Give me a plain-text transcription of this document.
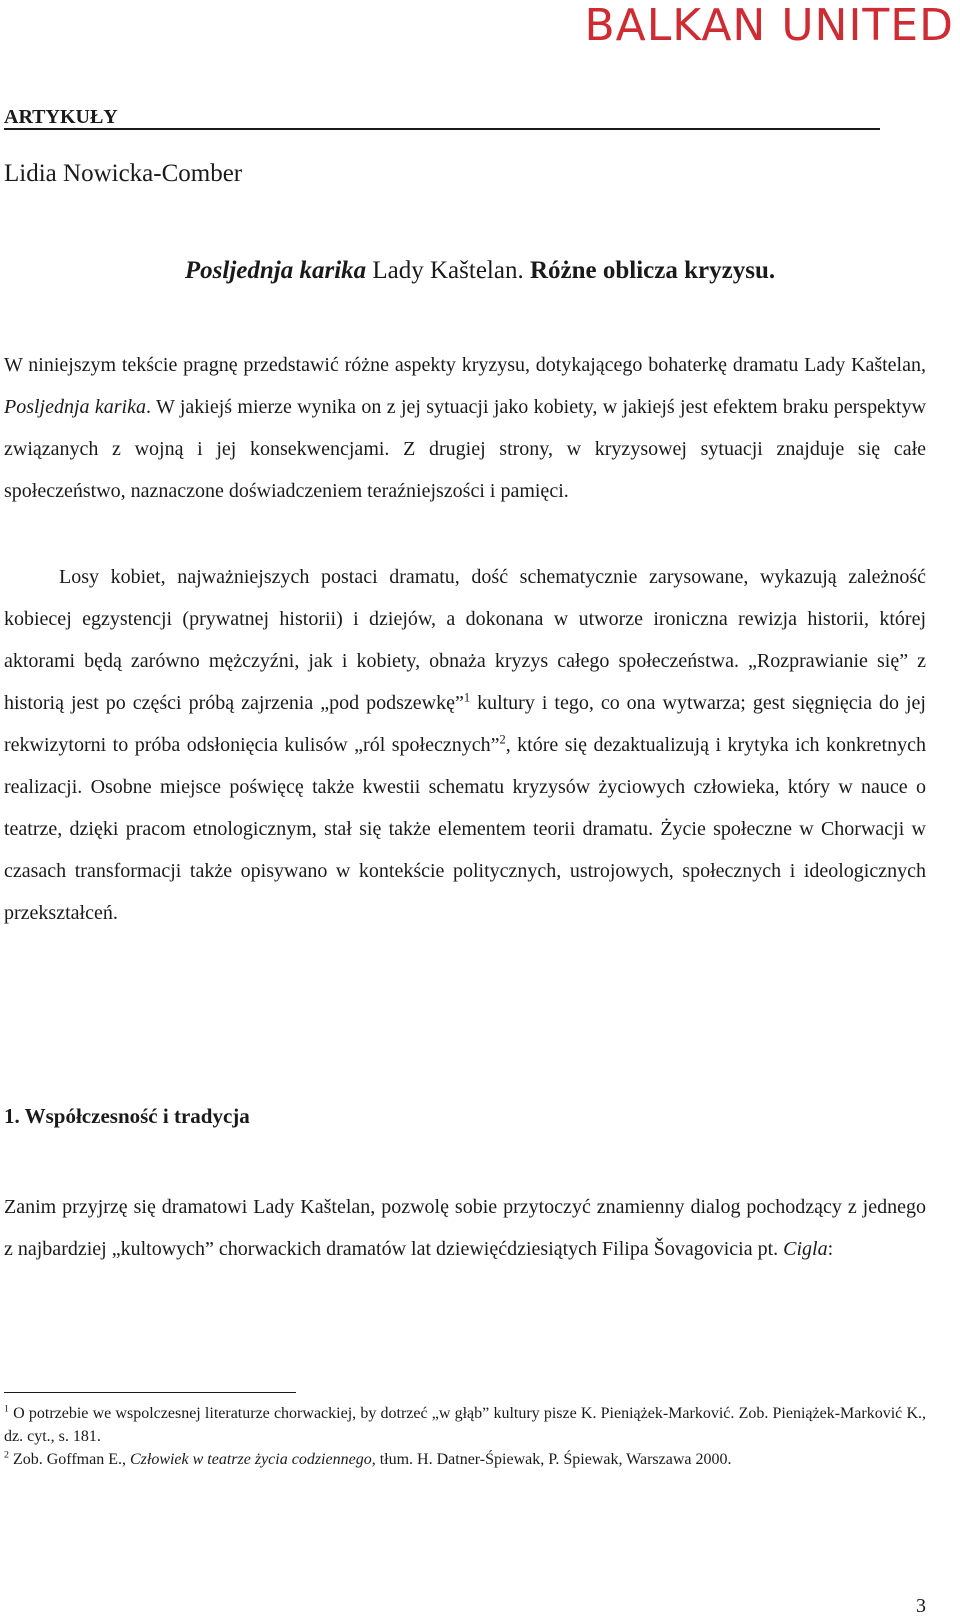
BALKAN UNITED
ARTYKUŁY
Lidia Nowicka-Comber
Posljednja karika Lady Kaštelan. Różne oblicza kryzysu.
W niniejszym tekście pragnę przedstawić różne aspekty kryzysu, dotykającego bohaterkę dramatu Lady Kaštelan, Posljednja karika. W jakiejś mierze wynika on z jej sytuacji jako kobiety, w jakiejś jest efektem braku perspektyw związanych z wojną i jej konsekwencjami. Z drugiej strony, w kryzysowej sytuacji znajduje się całe społeczeństwo, naznaczone doświadczeniem teraźniejszości i pamięci.
Losy kobiet, najważniejszych postaci dramatu, dość schematycznie zarysowane, wykazują zależność kobiecej egzystencji (prywatnej historii) i dziejów, a dokonana w utworze ironiczna rewizja historii, której aktorami będą zarówno mężczyźni, jak i kobiety, obnaża kryzys całego społeczeństwa. „Rozprawianie się” z historią jest po części próbą zajrzenia „pod podszewkę”$^1$ kultury i tego, co ona wytwarza; gest sięgnięcia do jej rekwizytorni to próba odsłonięcia kulisów „ról społecznych”$^2$, które się dezaktualizują i krytyka ich konkretnych realizacji. Osobne miejsce poświęcę także kwestii schematu kryzysów życiowych człowieka, który w nauce o teatrze, dzięki pracom etnologicznym, stał się także elementem teorii dramatu. Życie społeczne w Chorwacji w czasach transformacji także opisywano w kontekście politycznych, ustrojowych, społecznych i ideologicznych przekształceń.
1. Współczesność i tradycja
Zanim przyjrzę się dramatowi Lady Kaštelan, pozwolę sobie przytoczyć znamienny dialog pochodzący z jednego z najbardziej „kultowych” chorwackich dramatów lat dziewięćdziesiątych Filipa Šovagovicia pt. Cigla:

$^1$ O potrzebie we wspolczesnej literaturze chorwackiej, by dotrzeć „w głąb” kultury pisze K. Pieniążek-Marković. Zob. Pieniążek-Marković K., dz. cyt., s. 181.

$^2$ Zob. Goffman E., Człowiek w teatrze życia codziennego, tłum. H. Datner-Śpiewak, P. Śpiewak, Warszawa 2000.

3
